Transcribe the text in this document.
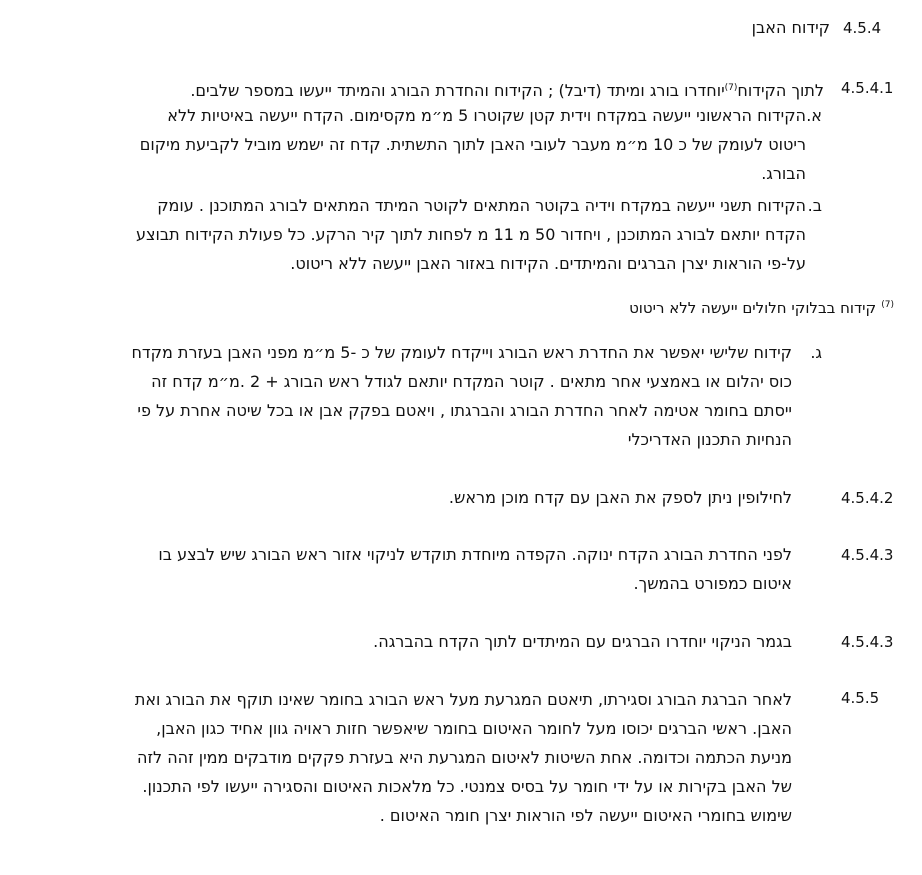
4.5.4
קידוח האבן
4.5.4.1
לתוך הקידוח$^{(7)}$יוחדרו בורג ומיתד (דיבל) ; הקידוח והחדרת הבורג והמיתד ייעשו במספר שלבים.
א.
הקידוח הראשוני ייעשה במקדח וידית קטן שקוטרו 5 מ״מ מקסימום. הקדח ייעשה באיטיות ללא
ריטוט לעומק של כ 10 מ״מ מעבר לעובי האבן לתוך התשתית. קדח זה ישמש מוביל לקביעת מיקום
הבורג.
ב.
הקידוח תשני ייעשה במקדח וידיה בקוטר המתאים לקוטר המיתד המתאים לבורג המתוכנן . עומק
הקדח יותאם לבורג המתוכנן , ויחדור 50 מ 11 מ לפחות לתוך קיר הרקע. כל פעולת הקידוח תבוצע
על-פי הוראות יצרן הברגים והמיתדים. הקידוח באזור האבן ייעשה ללא ריטוט.
$^{(7)}$ קידוח בבלוקי חלולים ייעשה ללא ריטוט
ג.
קידוח שלישי יאפשר את החדרת ראש הבורג וייקדח לעומק של כ -5 מ״מ מפני האבן בעזרת מקדח
כוס יהלום או באמצעי אחר מתאים . קוטר המקדח יותאם לגודל ראש הבורג + 2 .מ״מ קדח זה
ייסתם בחומר אטימה לאחר החדרת הבורג והברגתו , ויאטם בפקק אבן או בכל שיטה אחרת על פי
הנחיות התכנון האדריכלי
4.5.4.2
לחילופין ניתן לספק את האבן עם קדח מוכן מראש.
4.5.4.3
לפני החדרת הבורג הקדח ינוקה. הקפדה מיוחדת תוקדש לניקוי אזור ראש הבורג שיש לבצע בו
איטום כמפורט בהמשך.
4.5.4.3
בגמר הניקוי יוחדרו הברגים עם המיתדים לתוך הקדח בהברגה.
4.5.5
לאחר הברגת הבורג וסגירתו, תיאטם המגרעת מעל ראש הבורג בחומר שאינו תוקף את הבורג ואת
האבן. ראשי הברגים יכוסו מעל לחומר האיטום בחומר שיאפשר חזות ראויה גוון אחיד כגון האבן,
מניעת הכתמה וכדומה. אחת השיטות לאיטום המגרעת היא בעזרת פקקים מודבקים ממין זהה לזה
של האבן בקירות או על ידי חומר על בסיס צמנטי. כל מלאכות האיטום והסגירה ייעשו לפי התכנון.
שימוש בחומרי האיטום ייעשה לפי הוראות יצרן חומר האיטום .
